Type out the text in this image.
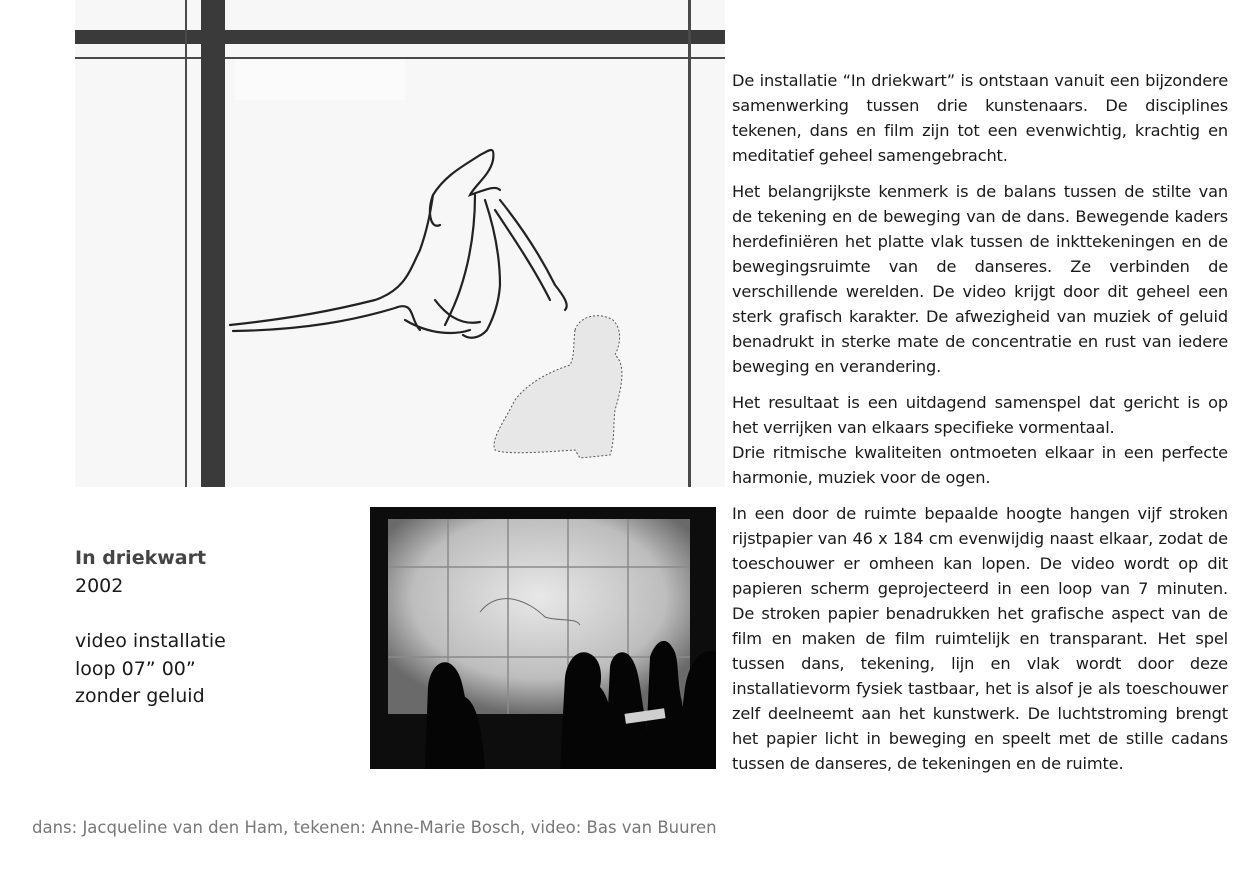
De installatie “In driekwart” is ontstaan vanuit een bijzondere samenwerking tussen drie kunstenaars. De disciplines tekenen, dans en film zijn tot een evenwichtig, krachtig en meditatief geheel samengebracht.

Het belangrijkste kenmerk is de balans tussen de stilte van de tekening en de beweging van de dans. Bewegende kaders herdefiniëren het platte vlak tussen de inkttekeningen en de bewegingsruimte van de danseres. Ze verbinden de verschillende werelden. De video krijgt door dit geheel een sterk grafisch karakter. De afwezigheid van muziek of geluid benadrukt in sterke mate de concentratie en rust van iedere beweging en verandering.

Het resultaat is een uitdagend samenspel dat gericht is op het verrijken van elkaars specifieke vormentaal.

Drie ritmische kwaliteiten ontmoeten elkaar in een perfecte harmonie, muziek voor de ogen.

In een door de ruimte bepaalde hoogte hangen vijf stroken rijstpapier van 46 x 184 cm evenwijdig naast elkaar, zodat de toeschouwer er omheen kan lopen. De video wordt op dit papieren scherm geprojecteerd in een loop van 7 minuten. De stroken papier benadrukken het grafische aspect van de film en maken de film ruimtelijk en transparant. Het spel tussen dans, tekening, lijn en vlak wordt door deze installatievorm fysiek tastbaar, het is alsof je als toeschouwer zelf deelneemt aan het kunstwerk. De luchtstroming brengt het papier licht in beweging en speelt met de stille cadans tussen de danseres, de tekeningen en de ruimte.

In driekwart
2002
video installatie
loop 07” 00”
zonder geluid
dans: Jacqueline van den Ham, tekenen: Anne-Marie Bosch, video: Bas van Buuren
